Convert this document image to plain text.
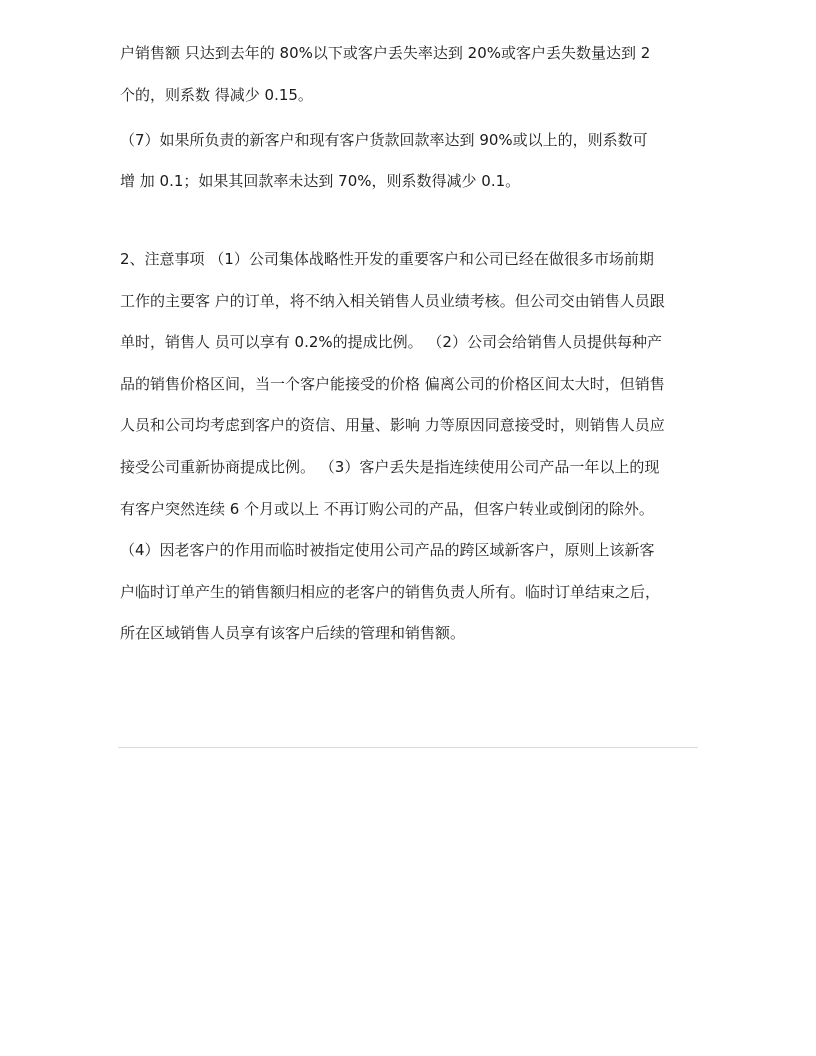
户销售额 只达到去年的 80%以下或客户丢失率达到 20%或客户丢失数量达到 2
个的，则系数 得减少 0.15。
（7）如果所负责的新客户和现有客户货款回款率达到 90%或以上的，则系数可
增 加 0.1；如果其回款率未达到 70%，则系数得减少 0.1。
2、注意事项 （1）公司集体战略性开发的重要客户和公司已经在做很多市场前期
工作的主要客 户的订单，将不纳入相关销售人员业绩考核。但公司交由销售人员跟
单时，销售人 员可以享有 0.2%的提成比例。 （2）公司会给销售人员提供每种产
品的销售价格区间，当一个客户能接受的价格 偏离公司的价格区间太大时，但销售
人员和公司均考虑到客户的资信、用量、影响 力等原因同意接受时，则销售人员应
接受公司重新协商提成比例。 （3）客户丢失是指连续使用公司产品一年以上的现
有客户突然连续 6 个月或以上 不再订购公司的产品，但客户转业或倒闭的除外。
（4）因老客户的作用而临时被指定使用公司产品的跨区域新客户，原则上该新客
户临时订单产生的销售额归相应的老客户的销售负责人所有。临时订单结束之后，
所在区域销售人员享有该客户后续的管理和销售额。
